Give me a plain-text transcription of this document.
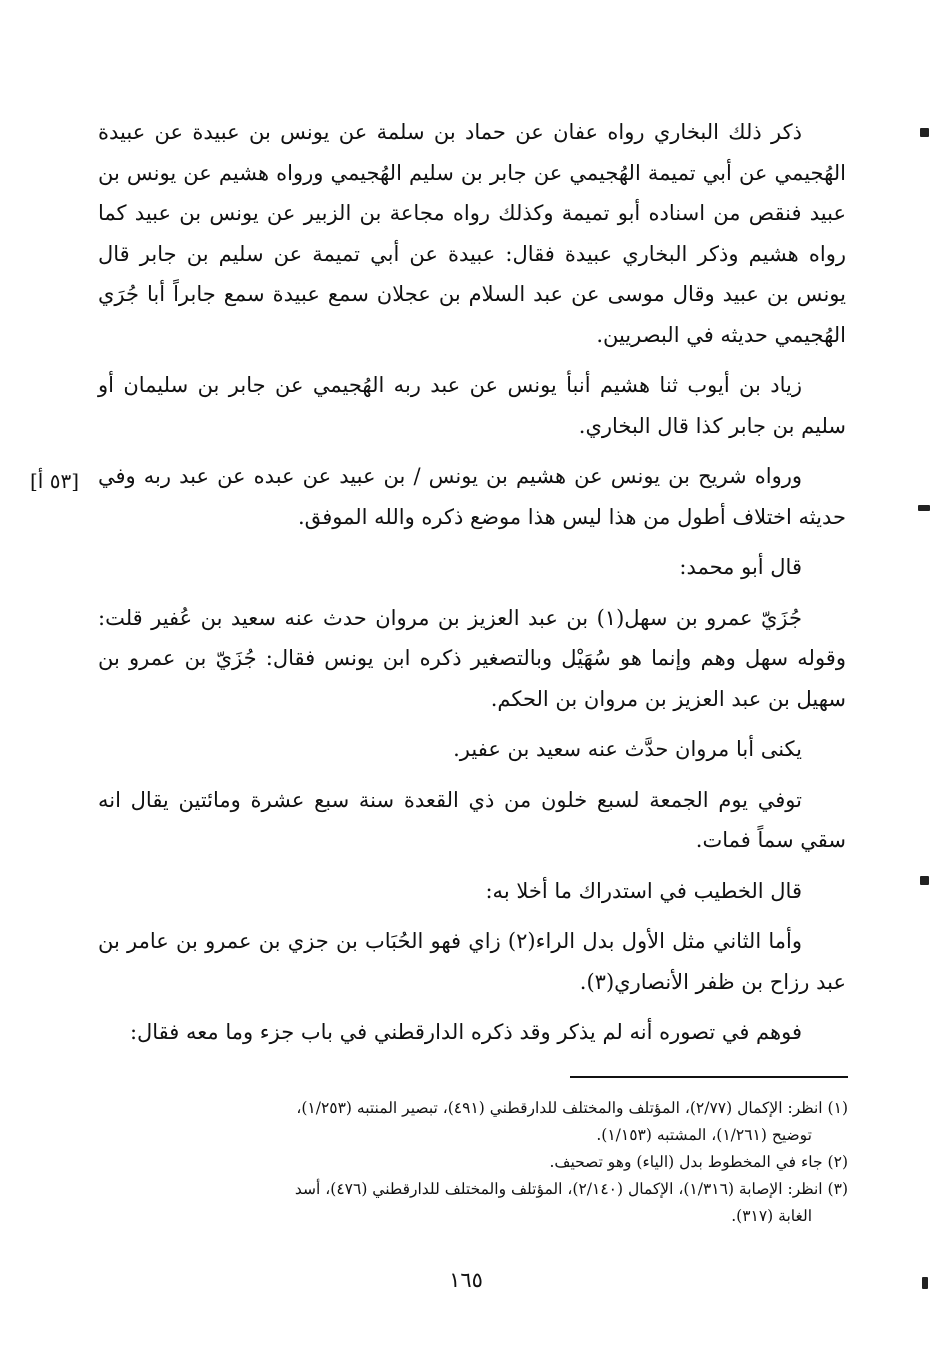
[٥٣ أ]

ذكر ذلك البخاري رواه عفان عن حماد بن سلمة عن يونس بن عبيدة عن عبيدة الهُجيمي عن أبي تميمة الهُجيمي عن جابر بن سليم الهُجيمي ورواه هشيم عن يونس بن عبيد فنقص من اسناده أبو تميمة وكذلك رواه مجاعة بن الزبير عن يونس بن عبيد كما رواه هشيم وذكر البخاري عبيدة فقال: عبيدة عن أبي تميمة عن سليم بن جابر قال يونس بن عبيد وقال موسى عن عبد السلام بن عجلان سمع عبيدة سمع جابراً أبا جُرَي الهُجيمي حديثه في البصريين.

زياد بن أيوب ثنا هشيم أنبأ يونس عن عبد ربه الهُجيمي عن جابر بن سليمان أو سليم بن جابر كذا قال البخاري.

ورواه شريح بن يونس عن هشيم بن يونس / بن عبيد عن عبده عن عبد ربه وفي حديثه اختلاف أطول من هذا ليس هذا موضع ذكره والله الموفق.

قال أبو محمد:

جُزَيّ عمرو بن سهل(١) بن عبد العزيز بن مروان حدث عنه سعيد بن عُفير قلت: وقوله سهل وهم وإنما هو سُهَيْل وبالتصغير ذكره ابن يونس فقال: جُزَيّ بن عمرو بن سهيل بن عبد العزيز بن مروان بن الحكم.

يكنى أبا مروان حدَّث عنه سعيد بن عفير.

توفي يوم الجمعة لسبع خلون من ذي القعدة سنة سبع عشرة ومائتين يقال انه سقي سماً فمات.

قال الخطيب في استدراك ما أخلا به:

وأما الثاني مثل الأول بدل الراء(٢) زاي فهو الحُبَاب بن جزي بن عمرو بن عامر بن عبد رزاح بن ظفر الأنصاري(٣).

فوهم في تصوره أنه لم يذكر وقد ذكره الدارقطني في باب جزء وما معه فقال:

(١) انظر: الإكمال (٢/٧٧)، المؤتلف والمختلف للدارقطني (٤٩١)، تبصير المنتبه (١/٢٥٣)،
توضيح (١/٢٦١)، المشتبه (١/١٥٣).

(٢) جاء في المخطوط بدل (الياء) وهو تصحيف.

(٣) انظر: الإصابة (١/٣١٦)، الإكمال (٢/١٤٠)، المؤتلف والمختلف للدارقطني (٤٧٦)، أسد
الغابة (٣١٧).

١٦٥
